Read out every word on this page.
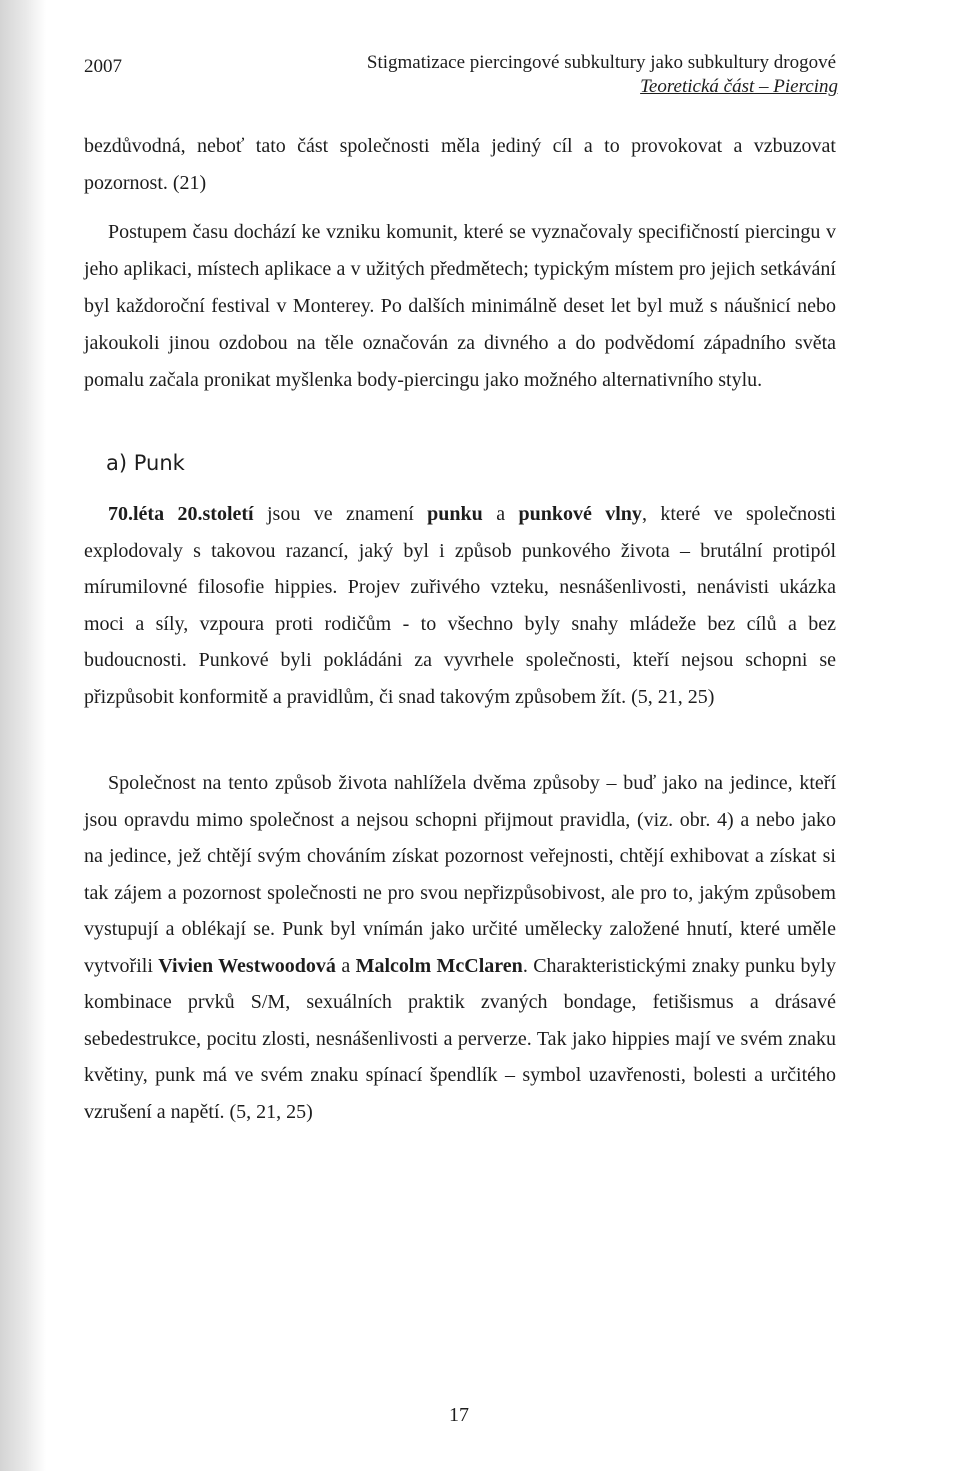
2007	Stigmatizace piercingové subkultury jako subkultury drogové
Teoretická část – Piercing

bezdůvodná, neboť tato část společnosti měla jediný cíl a to provokovat a vzbuzovat pozornost. (21)

Postupem času dochází ke vzniku komunit, které se vyznačovaly specifičností piercingu v jeho aplikaci, místech aplikace a v užitých předmětech; typickým místem pro jejich setkávání byl každoroční festival v Monterey. Po dalších minimálně deset let byl muž s náušnicí nebo jakoukoli jinou ozdobou na těle označován za divného a do podvědomí západního světa pomalu začala pronikat myšlenka body-piercingu jako možného alternativního stylu.

a) Punk

70.léta 20.století jsou ve znamení punku a punkové vlny, které ve společnosti explodovaly s takovou razancí, jaký byl i způsob punkového života – brutální protipól mírumilovné filosofie hippies. Projev zuřivého vzteku, nesnášenlivosti, nenávisti ukázka moci a síly, vzpoura proti rodičům - to všechno byly snahy mládeže bez cílů a bez budoucnosti. Punkové byli pokládáni za vyvrhele společnosti, kteří nejsou schopni se přizpůsobit konformitě a pravidlům, či snad takovým způsobem žít. (5, 21, 25)

Společnost na tento způsob života nahlížela dvěma způsoby – buď jako na jedince, kteří jsou opravdu mimo společnost a nejsou schopni přijmout pravidla, (viz. obr. 4) a nebo jako na jedince, jež chtějí svým chováním získat pozornost veřejnosti, chtějí exhibovat a získat si tak zájem a pozornost společnosti ne pro svou nepřizpůsobivost, ale pro to, jakým způsobem vystupují a oblékají se. Punk byl vnímán jako určité umělecky založené hnutí, které uměle vytvořili Vivien Westwoodová a Malcolm McClaren. Charakteristickými znaky punku byly kombinace prvků S/M, sexuálních praktik zvaných bondage, fetišismus a drásavé sebedestrukce, pocitu zlosti, nesnášenlivosti a perverze. Tak jako hippies mají ve svém znaku květiny, punk má ve svém znaku spínací špendlík – symbol uzavřenosti, bolesti a určitého vzrušení a napětí. (5, 21, 25)

17
